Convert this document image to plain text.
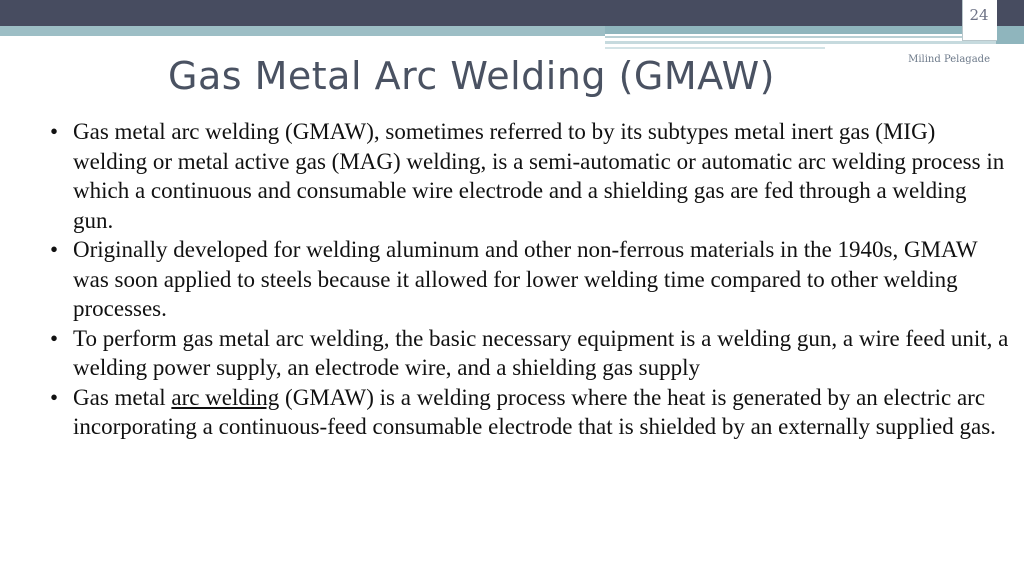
24
Milind Pelagade
Gas Metal Arc Welding (GMAW)
• Gas metal arc welding (GMAW), sometimes referred to by its subtypes metal inert gas (MIG) welding or metal active gas (MAG) welding, is a semi-automatic or automatic arc welding process in which a continuous and consumable wire electrode and a shielding gas are fed through a welding gun.
• Originally developed for welding aluminum and other non-ferrous materials in the 1940s, GMAW was soon applied to steels because it allowed for lower welding time compared to other welding processes.
• To perform gas metal arc welding, the basic necessary equipment is a welding gun, a wire feed unit, a welding power supply, an electrode wire, and a shielding gas supply
• Gas metal arc welding (GMAW) is a welding process where the heat is generated by an electric arc incorporating a continuous-feed consumable electrode that is shielded by an externally supplied gas.
